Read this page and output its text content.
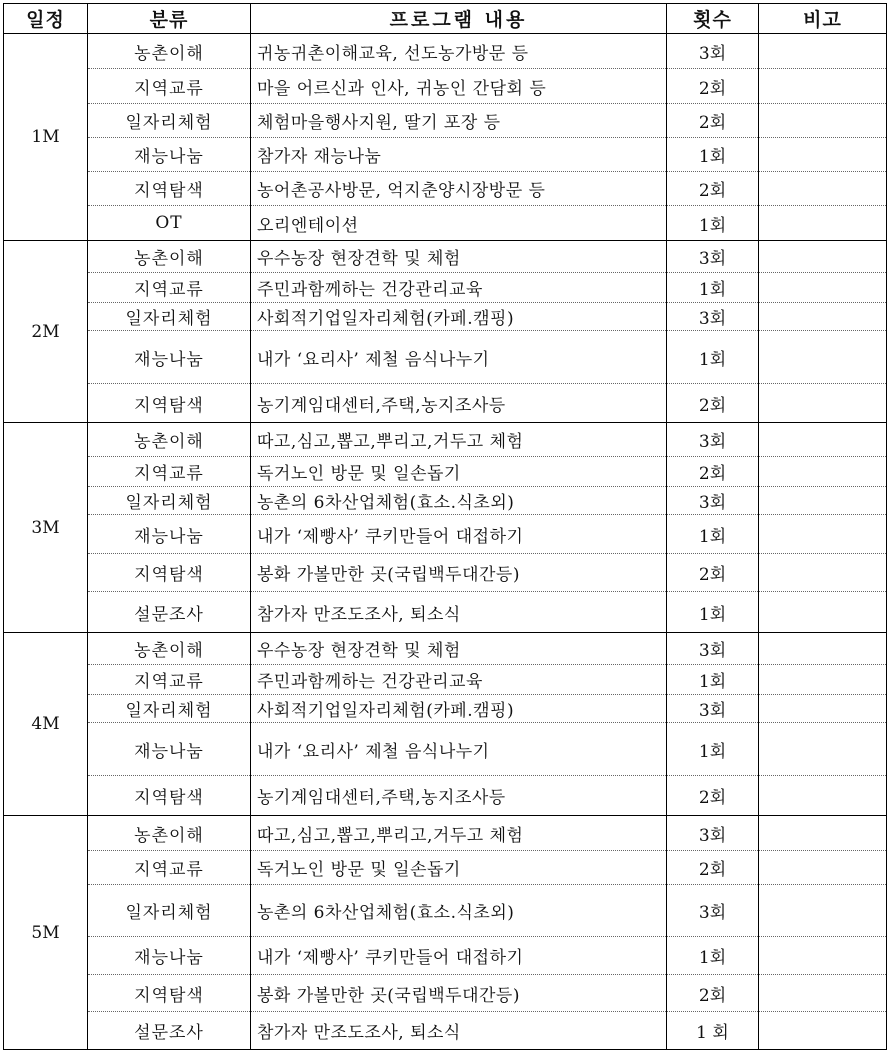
일정	분류	프로그램 내용	횟수	비고
1M	농촌이해	귀농귀촌이해교육, 선도농가방문 등	3회	
	지역교류	마을 어르신과 인사, 귀농인 간담회 등	2회	
	일자리체험	체험마을행사지원, 딸기 포장 등	2회	
	재능나눔	참가자 재능나눔	1회	
	지역탐색	농어촌공사방문, 억지춘양시장방문 등	2회	
	OT	오리엔테이션	1회	
2M	농촌이해	우수농장 현장견학 및 체험	3회	
	지역교류	주민과함께하는 건강관리교육	1회	
	일자리체험	사회적기업일자리체험(카페.캠핑)	3회	
	재능나눔	내가 ‘요리사’ 제철 음식나누기	1회	
	지역탐색	농기계임대센터,주택,농지조사등	2회	
3M	농촌이해	따고,심고,뽑고,뿌리고,거두고 체험	3회	
	지역교류	독거노인 방문 및 일손돕기	2회	
	일자리체험	농촌의 6차산업체험(효소.식초외)	3회	
	재능나눔	내가 ‘제빵사’ 쿠키만들어 대접하기	1회	
	지역탐색	봉화 가볼만한 곳(국립백두대간등)	2회	
	설문조사	참가자 만조도조사, 퇴소식	1회	
4M	농촌이해	우수농장 현장견학 및 체험	3회	
	지역교류	주민과함께하는 건강관리교육	1회	
	일자리체험	사회적기업일자리체험(카페.캠핑)	3회	
	재능나눔	내가 ‘요리사’ 제철 음식나누기	1회	
	지역탐색	농기계임대센터,주택,농지조사등	2회	
5M	농촌이해	따고,심고,뽑고,뿌리고,거두고 체험	3회	
	지역교류	독거노인 방문 및 일손돕기	2회	
	일자리체험	농촌의 6차산업체험(효소.식초외)	3회	
	재능나눔	내가 ‘제빵사’ 쿠키만들어 대접하기	1회	
	지역탐색	봉화 가볼만한 곳(국립백두대간등)	2회	
	설문조사	참가자 만조도조사, 퇴소식	1 회	
